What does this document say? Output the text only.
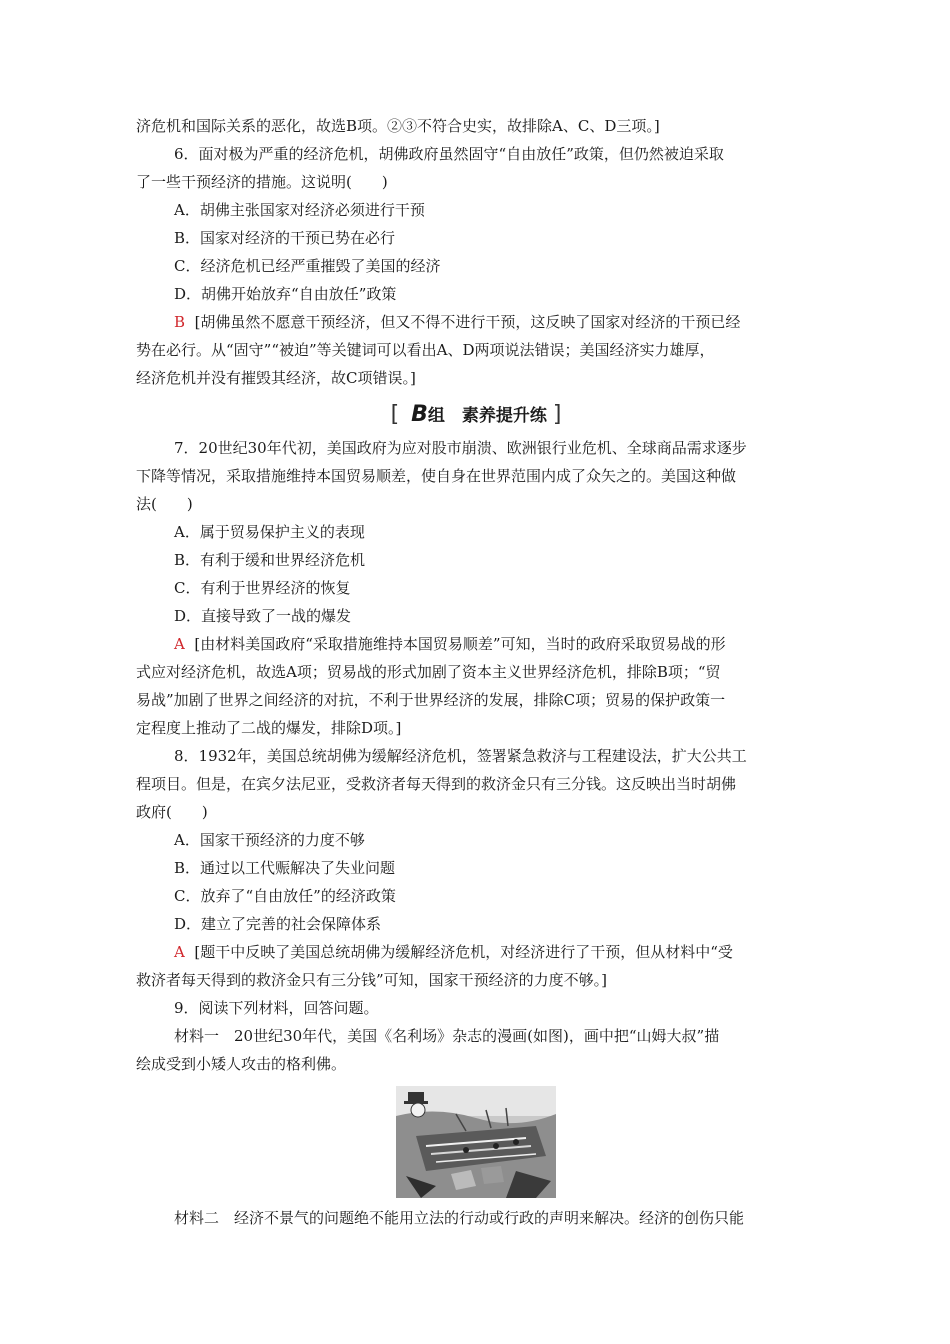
济危机和国际关系的恶化，故选B项。②③不符合史实，故排除A、C、D三项。]
6．面对极为严重的经济危机，胡佛政府虽然固守“自由放任”政策，但仍然被迫采取
了一些干预经济的措施。这说明(　　)
A．胡佛主张国家对经济必须进行干预
B．国家对经济的干预已势在必行
C．经济危机已经严重摧毁了美国的经济
D．胡佛开始放弃“自由放任”政策
B [胡佛虽然不愿意干预经济，但又不得不进行干预，这反映了国家对经济的干预已经
势在必行。从“固守”“被迫”等关键词可以看出A、D两项说法错误；美国经济实力雄厚，
经济危机并没有摧毁其经济，故C项错误。]
[ B组　素养提升练 ]
7．20世纪30年代初，美国政府为应对股市崩溃、欧洲银行业危机、全球商品需求逐步
下降等情况，采取措施维持本国贸易顺差，使自身在世界范围内成了众矢之的。美国这种做
法(　　)
A．属于贸易保护主义的表现
B．有利于缓和世界经济危机
C．有利于世界经济的恢复
D．直接导致了一战的爆发
A [由材料美国政府“采取措施维持本国贸易顺差”可知，当时的政府采取贸易战的形
式应对经济危机，故选A项；贸易战的形式加剧了资本主义世界经济危机，排除B项；“贸
易战”加剧了世界之间经济的对抗，不利于世界经济的发展，排除C项；贸易的保护政策一
定程度上推动了二战的爆发，排除D项。]
8．1932年，美国总统胡佛为缓解经济危机，签署紧急救济与工程建设法，扩大公共工
程项目。但是，在宾夕法尼亚，受救济者每天得到的救济金只有三分钱。这反映出当时胡佛
政府(　　)
A．国家干预经济的力度不够
B．通过以工代赈解决了失业问题
C．放弃了“自由放任”的经济政策
D．建立了完善的社会保障体系
A [题干中反映了美国总统胡佛为缓解经济危机，对经济进行了干预，但从材料中“受
救济者每天得到的救济金只有三分钱”可知，国家干预经济的力度不够。]
9．阅读下列材料，回答问题。
材料一　20世纪30年代，美国《名利场》杂志的漫画(如图)，画中把“山姆大叔”描
绘成受到小矮人攻击的格利佛。
材料二　经济不景气的问题绝不能用立法的行动或行政的声明来解决。经济的创伤只能
